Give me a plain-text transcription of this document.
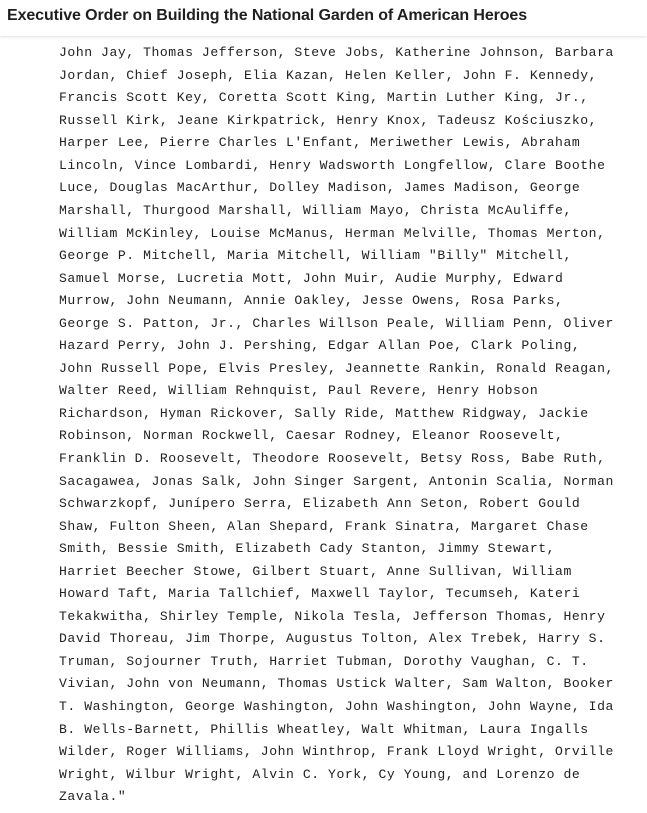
John Jay, Thomas Jefferson, Steve Jobs, Katherine Johnson, Barbara
Jordan, Chief Joseph, Elia Kazan, Helen Keller, John F. Kennedy,
Francis Scott Key, Coretta Scott King, Martin Luther King, Jr.,
Russell Kirk, Jeane Kirkpatrick, Henry Knox, Tadeusz Kościuszko,
Harper Lee, Pierre Charles L'Enfant, Meriwether Lewis, Abraham
Lincoln, Vince Lombardi, Henry Wadsworth Longfellow, Clare Boothe
Luce, Douglas MacArthur, Dolley Madison, James Madison, George
Marshall, Thurgood Marshall, William Mayo, Christa McAuliffe,
William McKinley, Louise McManus, Herman Melville, Thomas Merton,
George P. Mitchell, Maria Mitchell, William "Billy" Mitchell,
Samuel Morse, Lucretia Mott, John Muir, Audie Murphy, Edward
Murrow, John Neumann, Annie Oakley, Jesse Owens, Rosa Parks,
George S. Patton, Jr., Charles Willson Peale, William Penn, Oliver
Hazard Perry, John J. Pershing, Edgar Allan Poe, Clark Poling,
John Russell Pope, Elvis Presley, Jeannette Rankin, Ronald Reagan,
Walter Reed, William Rehnquist, Paul Revere, Henry Hobson
Richardson, Hyman Rickover, Sally Ride, Matthew Ridgway, Jackie
Robinson, Norman Rockwell, Caesar Rodney, Eleanor Roosevelt,
Franklin D. Roosevelt, Theodore Roosevelt, Betsy Ross, Babe Ruth,
Sacagawea, Jonas Salk, John Singer Sargent, Antonin Scalia, Norman
Schwarzkopf, Junípero Serra, Elizabeth Ann Seton, Robert Gould
Shaw, Fulton Sheen, Alan Shepard, Frank Sinatra, Margaret Chase
Smith, Bessie Smith, Elizabeth Cady Stanton, Jimmy Stewart,
Harriet Beecher Stowe, Gilbert Stuart, Anne Sullivan, William
Howard Taft, Maria Tallchief, Maxwell Taylor, Tecumseh, Kateri
Tekakwitha, Shirley Temple, Nikola Tesla, Jefferson Thomas, Henry
David Thoreau, Jim Thorpe, Augustus Tolton, Alex Trebek, Harry S.
Truman, Sojourner Truth, Harriet Tubman, Dorothy Vaughan, C. T.
Vivian, John von Neumann, Thomas Ustick Walter, Sam Walton, Booker
T. Washington, George Washington, John Washington, John Wayne, Ida
B. Wells-Barnett, Phillis Wheatley, Walt Whitman, Laura Ingalls
Wilder, Roger Williams, John Winthrop, Frank Lloyd Wright, Orville
Wright, Wilbur Wright, Alvin C. York, Cy Young, and Lorenzo de
Zavala."
Executive Order on Building the National Garden of American Heroes
